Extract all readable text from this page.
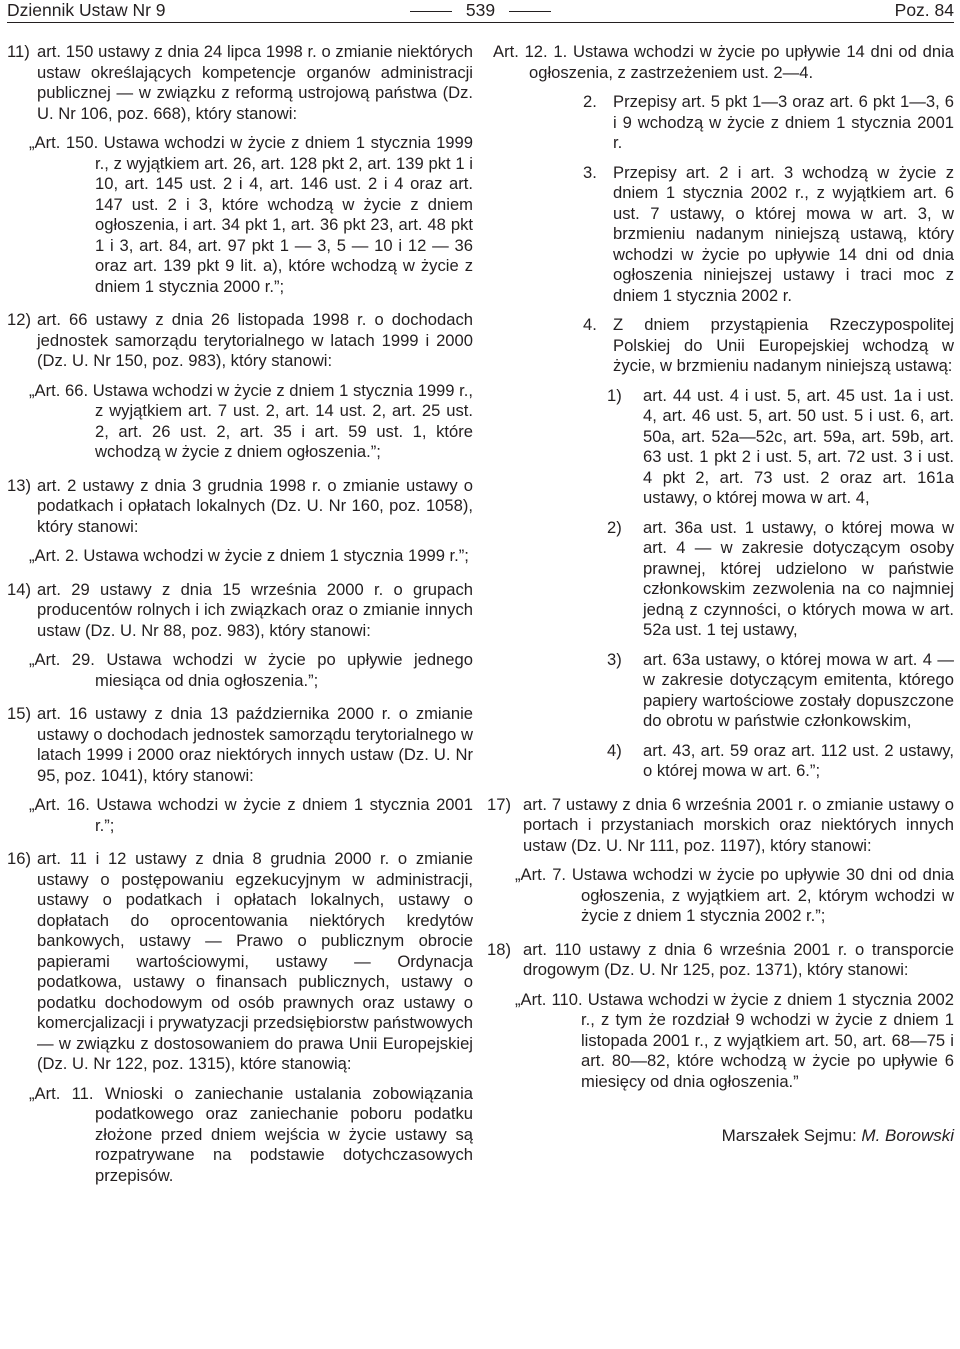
Dziennik Ustaw Nr 9	539	Poz. 84
11) art. 150 ustawy z dnia 24 lipca 1998 r. o zmianie niektórych ustaw określających kompetencje organów administracji publicznej — w związku z reformą ustrojową państwa (Dz. U. Nr 106, poz. 668), który stanowi:

„Art. 150. Ustawa wchodzi w życie z dniem 1 stycznia 1999 r., z wyjątkiem art. 26, art. 128 pkt 2, art. 139 pkt 1 i 10, art. 145 ust. 2 i 4, art. 146 ust. 2 i 4 oraz art. 147 ust. 2 i 3, które wchodzą w życie z dniem ogłoszenia, i art. 34 pkt 1, art. 36 pkt 23, art. 48 pkt 1 i 3, art. 84, art. 97 pkt 1 — 3, 5 — 10 i 12 — 36 oraz art. 139 pkt 9 lit. a), które wchodzą w życie z dniem 1 stycznia 2000 r.”;

12) art. 66 ustawy z dnia 26 listopada 1998 r. o dochodach jednostek samorządu terytorialnego w latach 1999 i 2000 (Dz. U. Nr 150, poz. 983), który stanowi:

„Art. 66. Ustawa wchodzi w życie z dniem 1 stycznia 1999 r., z wyjątkiem art. 7 ust. 2, art. 14 ust. 2, art. 25 ust. 2, art. 26 ust. 2, art. 35 i art. 59 ust. 1, które wchodzą w życie z dniem ogłoszenia.”;

13) art. 2 ustawy z dnia 3 grudnia 1998 r. o zmianie ustawy o podatkach i opłatach lokalnych (Dz. U. Nr 160, poz. 1058), który stanowi:

„Art. 2. Ustawa wchodzi w życie z dniem 1 stycznia 1999 r.”;

14) art. 29 ustawy z dnia 15 września 2000 r. o grupach producentów rolnych i ich związkach oraz o zmianie innych ustaw (Dz. U. Nr 88, poz. 983), który stanowi:

„Art. 29. Ustawa wchodzi w życie po upływie jednego miesiąca od dnia ogłoszenia.”;

15) art. 16 ustawy z dnia 13 października 2000 r. o zmianie ustawy o dochodach jednostek samorządu terytorialnego w latach 1999 i 2000 oraz niektórych innych ustaw (Dz. U. Nr 95, poz. 1041), który stanowi:

„Art. 16. Ustawa wchodzi w życie z dniem 1 stycznia 2001 r.”;

16) art. 11 i 12 ustawy z dnia 8 grudnia 2000 r. o zmianie ustawy o postępowaniu egzekucyjnym w administracji, ustawy o podatkach i opłatach lokalnych, ustawy o dopłatach do oprocentowania niektórych kredytów bankowych, ustawy — Prawo o publicznym obrocie papierami wartościowymi, ustawy — Ordynacja podatkowa, ustawy o finansach publicznych, ustawy o podatku dochodowym od osób prawnych oraz ustawy o komercjalizacji i prywatyzacji przedsiębiorstw państwowych — w związku z dostosowaniem do prawa Unii Europejskiej (Dz. U. Nr 122, poz. 1315), które stanowią:

„Art. 11. Wnioski o zaniechanie ustalania zobowiązania podatkowego oraz zaniechanie poboru podatku złożone przed dniem wejścia w życie ustawy są rozpatrywane na podstawie dotychczasowych przepisów.

Art. 12. 1. Ustawa wchodzi w życie po upływie 14 dni od dnia ogłoszenia, z zastrzeżeniem ust. 2—4.

2. Przepisy art. 5 pkt 1—3 oraz art. 6 pkt 1—3, 6 i 9 wchodzą w życie z dniem 1 stycznia 2001 r.

3. Przepisy art. 2 i art. 3 wchodzą w życie z dniem 1 stycznia 2002 r., z wyjątkiem art. 6 ust. 7 ustawy, o której mowa w art. 3, w brzmieniu nadanym niniejszą ustawą, który wchodzi w życie po upływie 14 dni od dnia ogłoszenia niniejszej ustawy i traci moc z dniem 1 stycznia 2002 r.

4. Z dniem przystąpienia Rzeczypospolitej Polskiej do Unii Europejskiej wchodzą w życie, w brzmieniu nadanym niniejszą ustawą:

1) art. 44 ust. 4 i ust. 5, art. 45 ust. 1a i ust. 4, art. 46 ust. 5, art. 50 ust. 5 i ust. 6, art. 50a, art. 52a—52c, art. 59a, art. 59b, art. 63 ust. 1 pkt 2 i ust. 5, art. 72 ust. 3 i ust. 4 pkt 2, art. 73 ust. 2 oraz art. 161a ustawy, o której mowa w art. 4,

2) art. 36a ust. 1 ustawy, o której mowa w art. 4 — w zakresie dotyczącym osoby prawnej, której udzielono w państwie członkowskim zezwolenia na co najmniej jedną z czynności, o których mowa w art. 52a ust. 1 tej ustawy,

3) art. 63a ustawy, o której mowa w art. 4 — w zakresie dotyczącym emitenta, którego papiery wartościowe zostały dopuszczone do obrotu w państwie członkowskim,

4) art. 43, art. 59 oraz art. 112 ust. 2 ustawy, o której mowa w art. 6.”;

17) art. 7 ustawy z dnia 6 września 2001 r. o zmianie ustawy o portach i przystaniach morskich oraz niektórych innych ustaw (Dz. U. Nr 111, poz. 1197), który stanowi:

„Art. 7. Ustawa wchodzi w życie po upływie 30 dni od dnia ogłoszenia, z wyjątkiem art. 2, którym wchodzi w życie z dniem 1 stycznia 2002 r.”;

18) art. 110 ustawy z dnia 6 września 2001 r. o transporcie drogowym (Dz. U. Nr 125, poz. 1371), który stanowi:

„Art. 110. Ustawa wchodzi w życie z dniem 1 stycznia 2002 r., z tym że rozdział 9 wchodzi w życie z dniem 1 listopada 2001 r., z wyjątkiem art. 50, art. 68—75 i art. 80—82, które wchodzą w życie po upływie 6 miesięcy od dnia ogłoszenia.”

Marszałek Sejmu: M. Borowski
